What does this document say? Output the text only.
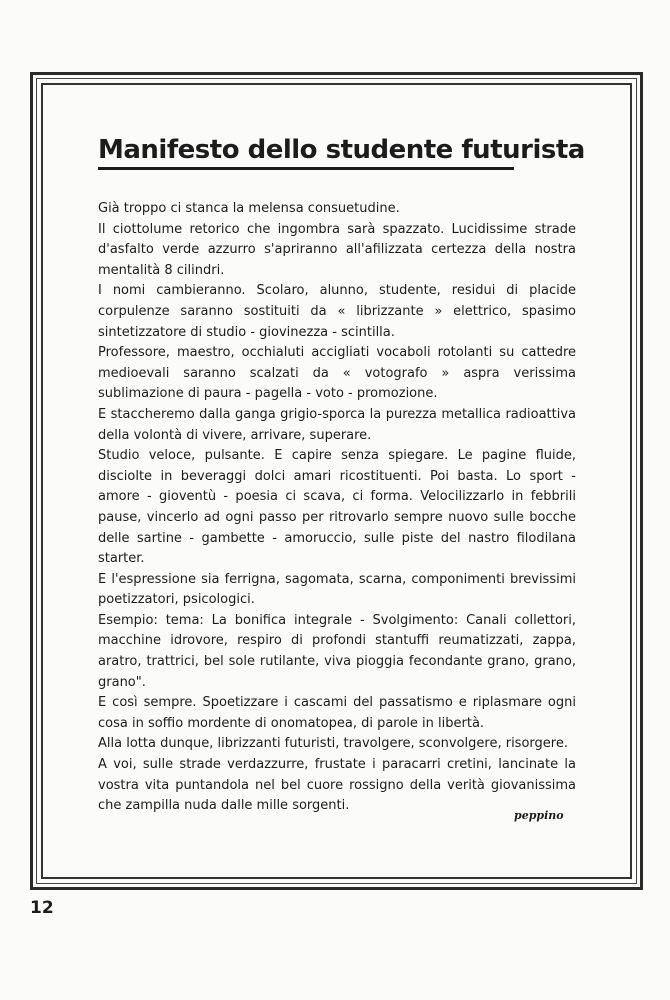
Manifesto dello studente futurista

Già troppo ci stanca la melensa consuetudine.

Il ciottolume retorico che ingombra sarà spazzato. Lucidissime strade d'asfalto verde azzurro s'apriranno all'afilizzata certezza della nostra mentalità 8 cilindri.

I nomi cambieranno. Scolaro, alunno, studente, residui di placide corpulenze saranno sostituiti da « librizzante » elettrico, spasimo sintetizzatore di studio - giovinezza - scintilla.

Professore, maestro, occhialuti accigliati vocaboli rotolanti su cattedre medioevali saranno scalzati da « votografo » aspra verissima sublimazione di paura - pagella - voto - promozione.

E staccheremo dalla ganga grigio-sporca la purezza metallica radioattiva della volontà di vivere, arrivare, superare.

Studio veloce, pulsante. E capire senza spiegare. Le pagine fluide, disciolte in beveraggi dolci amari ricostituenti. Poi basta. Lo sport - amore - gioventù - poesia ci scava, ci forma. Velocilizzarlo in febbrili pause, vincerlo ad ogni passo per ritrovarlo sempre nuovo sulle bocche delle sartine - gambette - amoruccio, sulle piste del nastro filodilana starter.

E l'espressione sia ferrigna, sagomata, scarna, componimenti brevissimi poetizzatori, psicologici.

Esempio: tema: La bonifica integrale - Svolgimento: Canali collettori, macchine idrovore, respiro di profondi stantuffi reumatizzati, zappa, aratro, trattrici, bel sole rutilante, viva pioggia fecondante grano, grano, grano".

E così sempre. Spoetizzare i cascami del passatismo e riplasmare ogni cosa in soffio mordente di onomatopea, di parole in libertà.

Alla lotta dunque, librizzanti futuristi, travolgere, sconvolgere, risorgere.

A voi, sulle strade verdazzurre, frustate i paracarri cretini, lancinate la vostra vita puntandola nel bel cuore rossigno della verità giovanissima che zampilla nuda dalle mille sorgenti.

peppino
12
